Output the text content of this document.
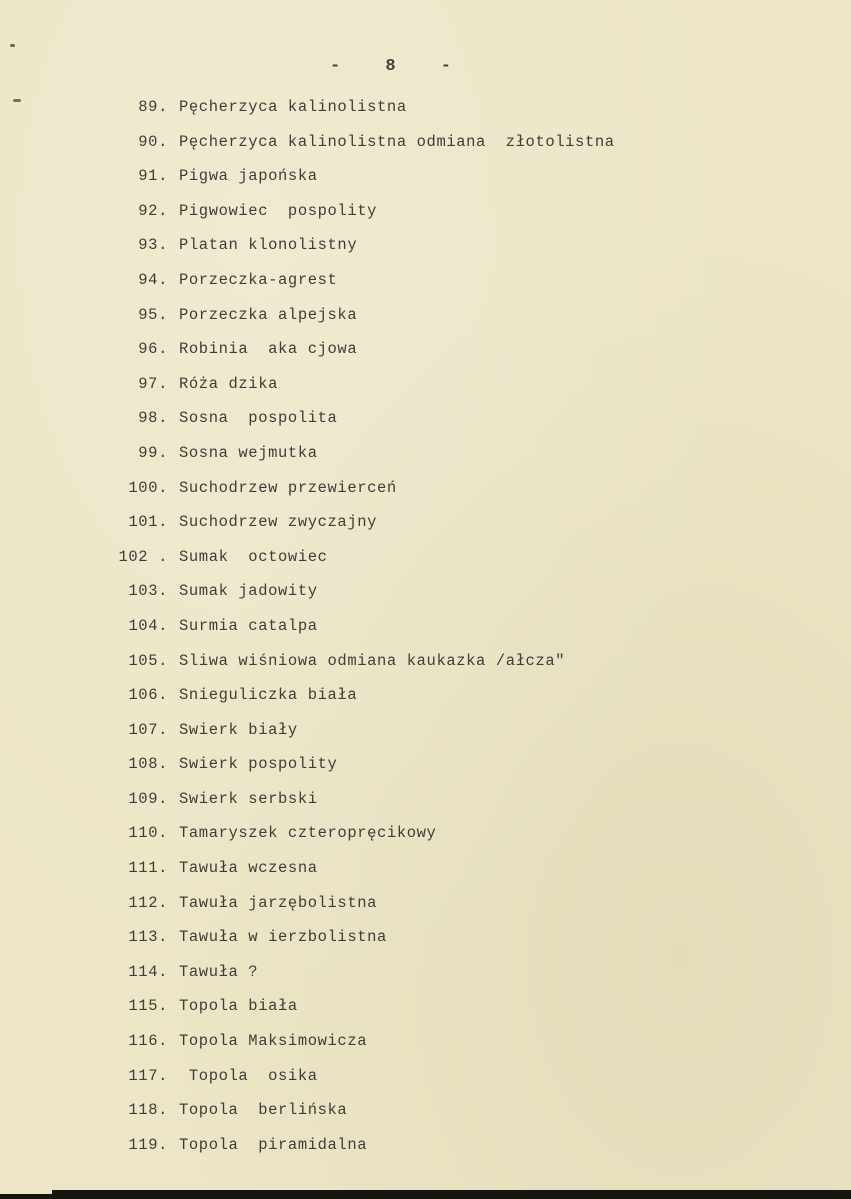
-	8	-
89. Pęcherzyca kalinolistna
90. Pęcherzyca kalinolistna odmiana  złotolistna
91. Pigwa japońska
92. Pigwowiec  pospolity
93. Platan klonolistny
94. Porzeczka-agrest
95. Porzeczka alpejska
96. Robinia  aka cjowa
97. Róża dzika
98. Sosna  pospolita
99. Sosna wejmutka
100. Suchodrzew przewierceń
101. Suchodrzew zwyczajny
102 . Sumak  octowiec
103. Sumak jadowity
104. Surmia catalpa
105. Sliwa wiśniowa odmiana kaukazka /ałcza"
106. Snieguliczka biała
107. Swierk biały
108. Swierk pospolity
109. Swierk serbski
110. Tamaryszek czteropręcikowy
111. Tawuła wczesna
112. Tawuła jarzębolistna
113. Tawuła w ierzbolistna
114. Tawuła ?
115. Topola biała
116. Topola Maksimowicza
117. Topola  osika
118. Topola  berlińska
119. Topola  piramidalna
